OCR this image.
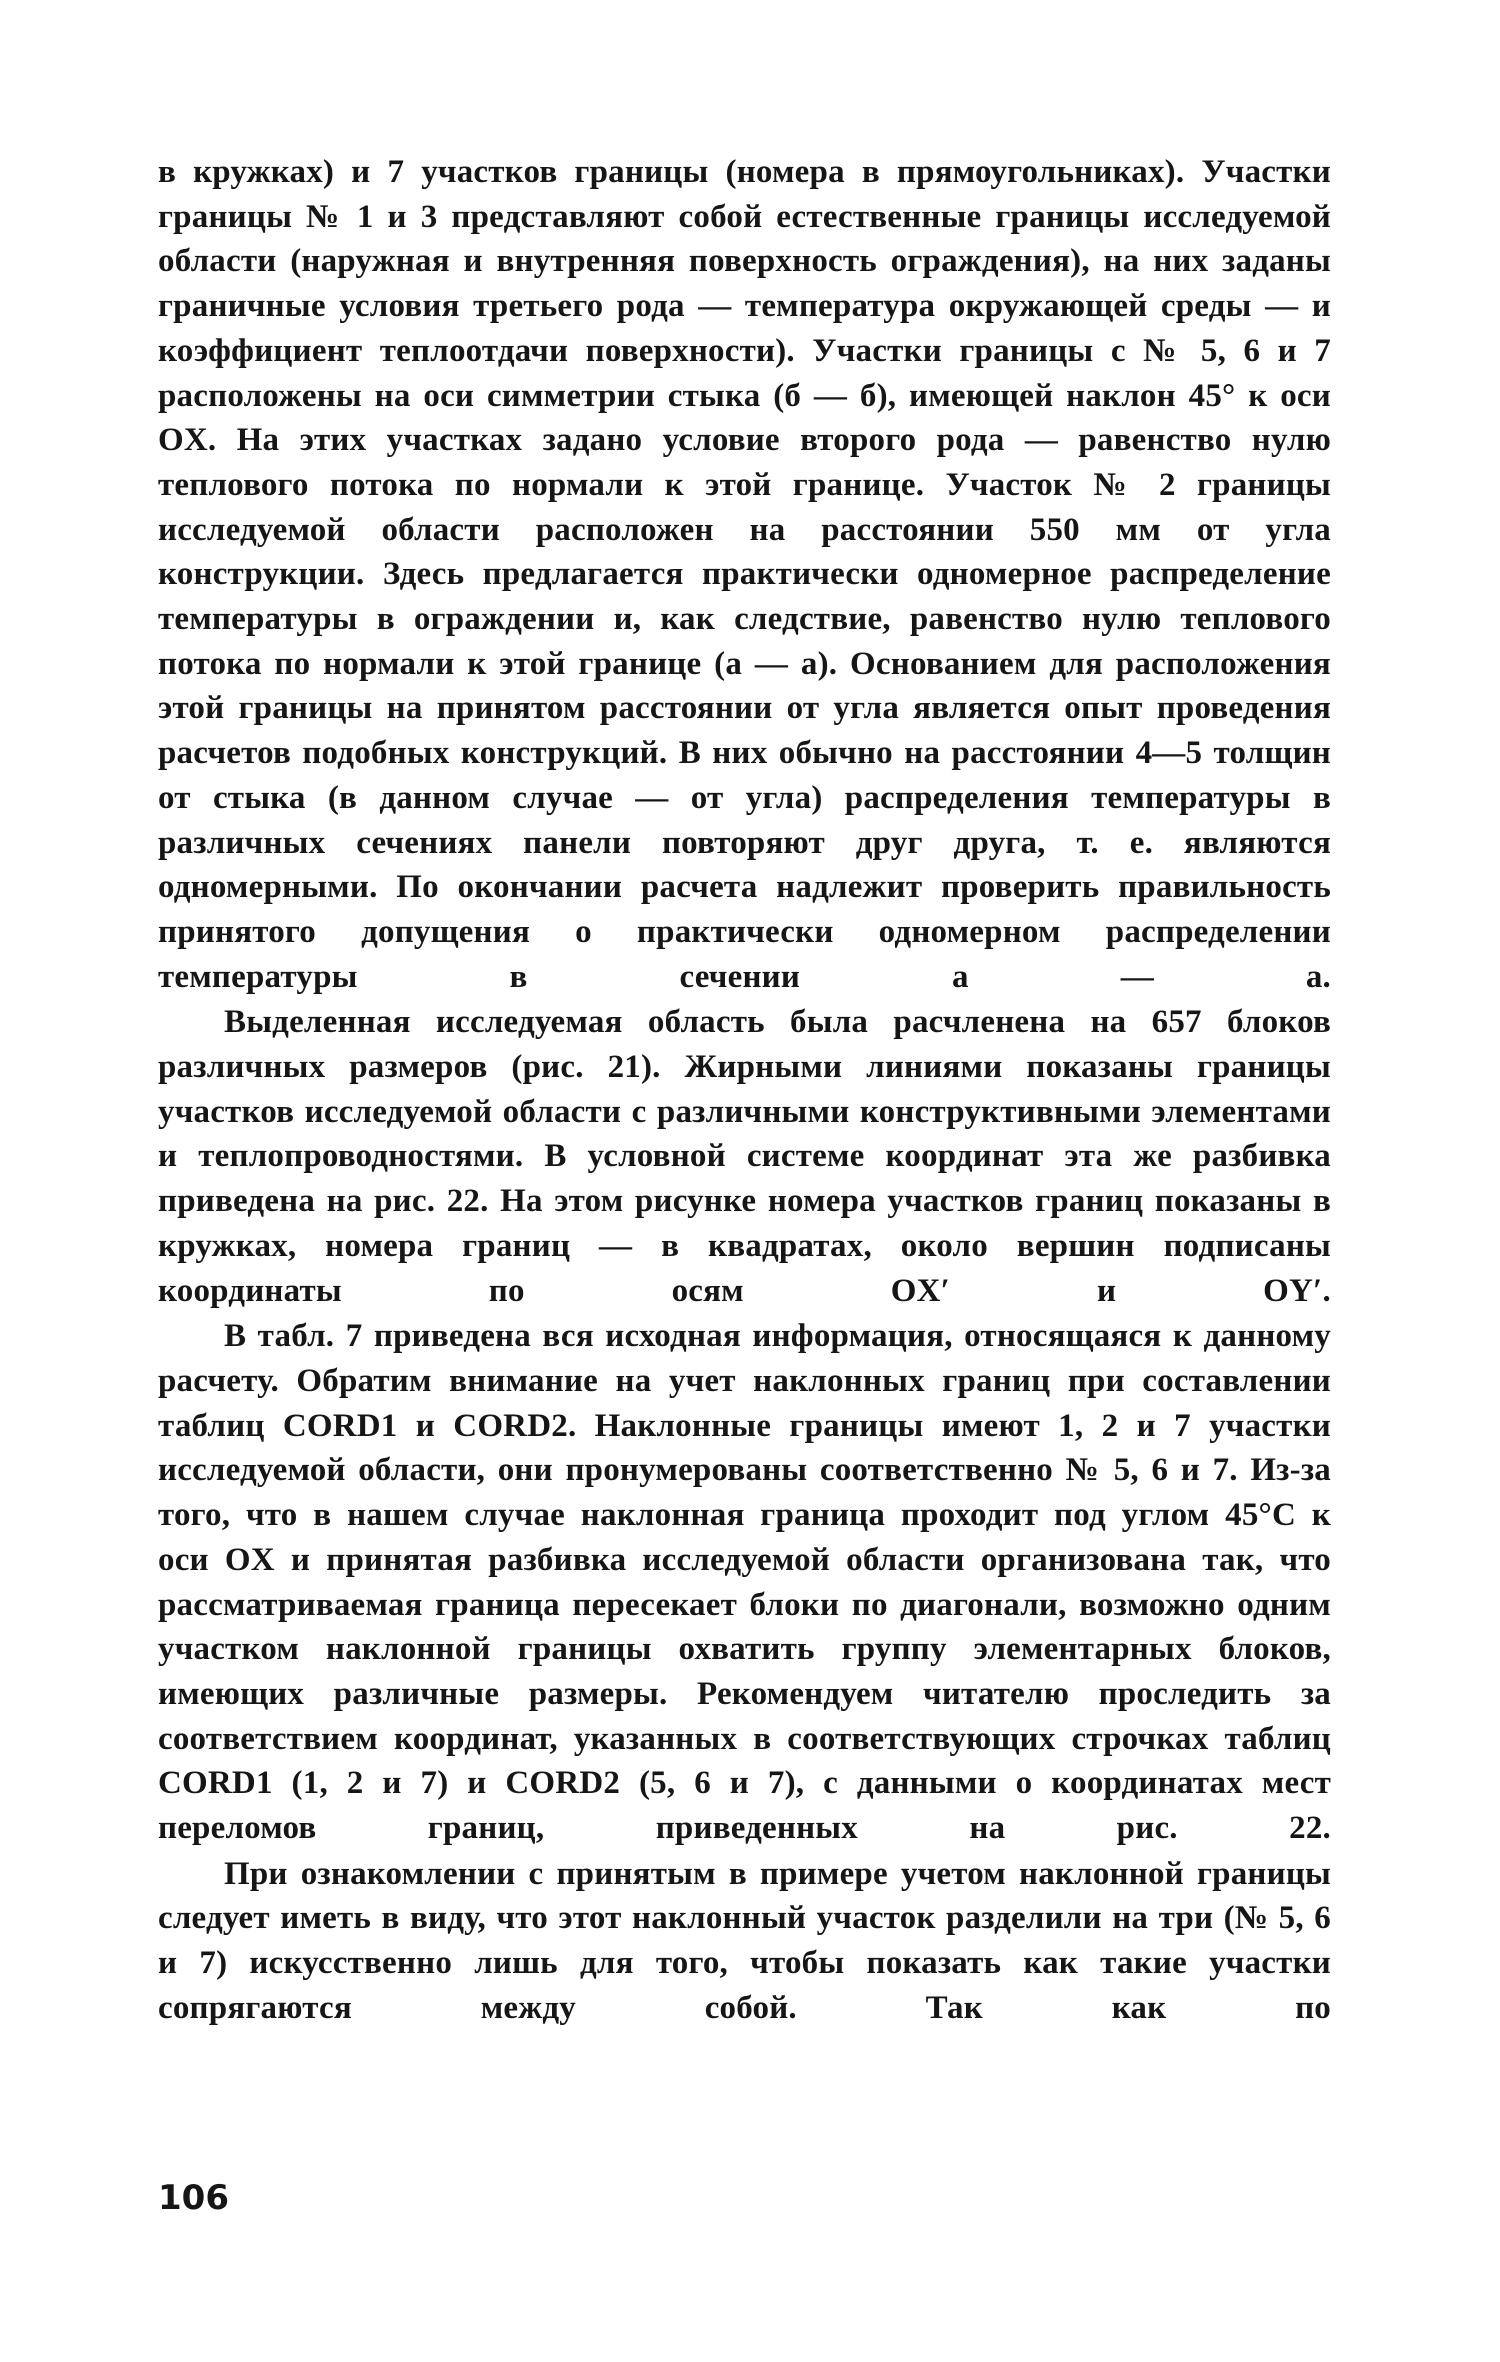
в кружках) и 7 участков границы (номера в прямоугольниках). Участки границы № 1 и 3 представляют собой естественные границы исследуемой области (наружная и внутренняя поверхность ограждения), на них заданы граничные условия третьего рода — температура окружающей среды — и коэффициент теплоотдачи поверхности). Участки границы с № 5, 6 и 7 расположены на оси симметрии стыка (б — б), имеющей наклон 45° к оси OX. На этих участках задано условие второго рода — равенство нулю теплового потока по нормали к этой границе. Участок № 2 границы исследуемой области расположен на расстоянии 550 мм от угла конструкции. Здесь предлагается практически одномерное распределение температуры в ограждении и, как следствие, равенство нулю теплового потока по нормали к этой границе (а — а). Основанием для расположения этой границы на принятом расстоянии от угла является опыт проведения расчетов подобных конструкций. В них обычно на расстоянии 4—5 толщин от стыка (в данном случае — от угла) распределения температуры в различных сечениях панели повторяют друг друга, т. е. являются одномерными. По окончании расчета надлежит проверить правильность принятого допущения о практически одномерном распределении температуры в сечении а — а.

Выделенная исследуемая область была расчленена на 657 блоков различных размеров (рис. 21). Жирными линиями показаны границы участков исследуемой области с различными конструктивными элементами и теплопроводностями. В условной системе координат эта же разбивка приведена на рис. 22. На этом рисунке номера участков границ показаны в кружках, номера границ — в квадратах, около вершин подписаны координаты по осям OX′ и OY′.

В табл. 7 приведена вся исходная информация, относящаяся к данному расчету. Обратим внимание на учет наклонных границ при составлении таблиц CORD1 и CORD2. Наклонные границы имеют 1, 2 и 7 участки исследуемой области, они пронумерованы соответственно № 5, 6 и 7. Из-за того, что в нашем случае наклонная граница проходит под углом 45°C к оси OX и принятая разбивка исследуемой области организована так, что рассматриваемая граница пересекает блоки по диагонали, возможно одним участком наклонной границы охватить группу элементарных блоков, имеющих различные размеры. Рекомендуем читателю проследить за соответствием координат, указанных в соответствующих строчках таблиц CORD1 (1, 2 и 7) и CORD2 (5, 6 и 7), с данными о координатах мест переломов границ, приведенных на рис. 22.

При ознакомлении с принятым в примере учетом наклонной границы следует иметь в виду, что этот наклонный участок разделили на три (№ 5, 6 и 7) искусственно лишь для того, чтобы показать как такие участки сопрягаются между собой. Так как по

106
